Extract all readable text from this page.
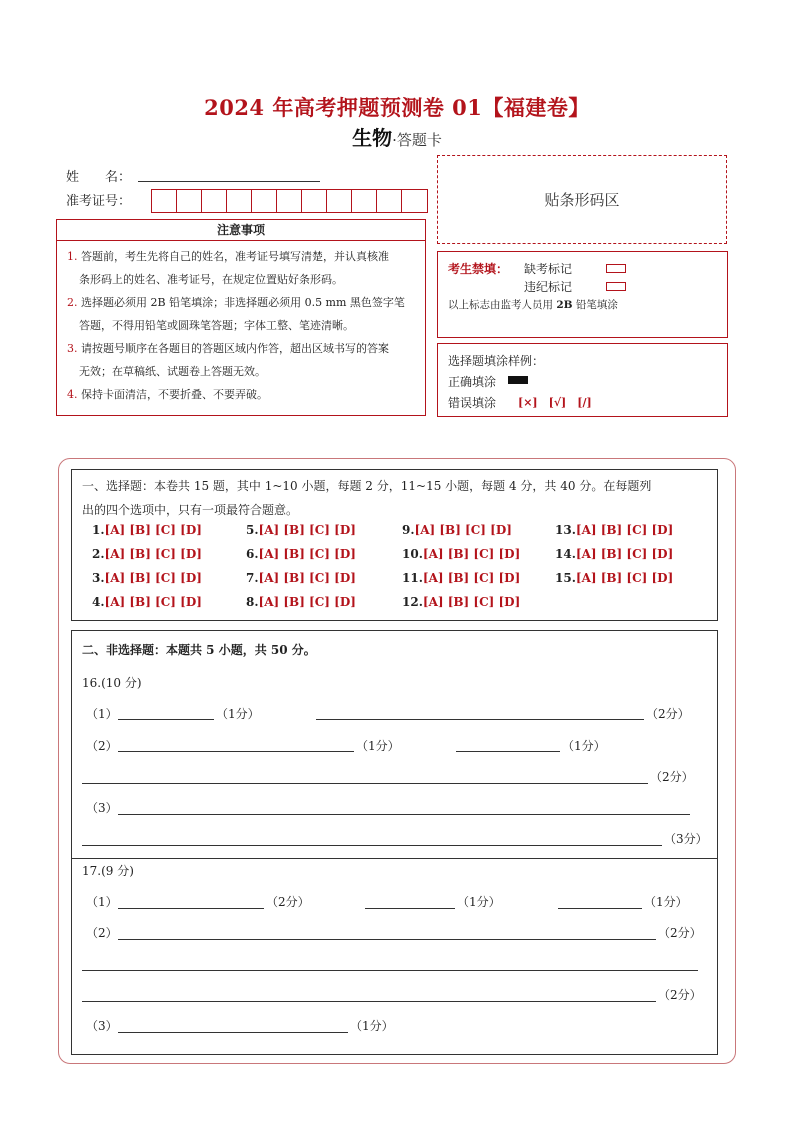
2024 年高考押题预测卷 01【福建卷】
生物·答题卡
姓　　名：
准考证号：	贴条形码区
注意事项
1. 答题前，考生先将自己的姓名，准考证号填写清楚，并认真核准
条形码上的姓名、准考证号，在规定位置贴好条形码。
2. 选择题必须用 2B 铅笔填涂；非选择题必须用 0.5 mm 黑色签字笔
答题，不得用铅笔或圆珠笔答题；字体工整、笔迹清晰。
3. 请按题号顺序在各题目的答题区域内作答，超出区域书写的答案
无效；在草稿纸、试题卷上答题无效。
4. 保持卡面清洁，不要折叠、不要弄破。
考生禁填： 缺考标记
违纪标记
以上标志由监考人员用 2B 铅笔填涂
选择题填涂样例：
正确填涂
错误填涂 [×]　[√]　[/]
一、选择题：本卷共 15 题，其中 1~10 小题，每题 2 分，11~15 小题，每题 4 分，共 40 分。在每题列
出的四个选项中，只有一项最符合题意。
1.[A] [B] [C] [D]
2.[A] [B] [C] [D]
3.[A] [B] [C] [D]
4.[A] [B] [C] [D]
5.[A] [B] [C] [D]
6.[A] [B] [C] [D]
7.[A] [B] [C] [D]
8.[A] [B] [C] [D]
9.[A] [B] [C] [D]
10.[A] [B] [C] [D]
11.[A] [B] [C] [D]
12.[A] [B] [C] [D]
13.[A] [B] [C] [D]
14.[A] [B] [C] [D]
15.[A] [B] [C] [D]
二、非选择题：本题共 5 小题，共 50 分。
16.(10 分)
（1）	（1分）	（2分）
（2）	（1分）	（1分）
（2分）
（3）
（3分）
17.(9 分)
（1）	（2分）	（1分）	（1分）
（2）	（2分）
（2分）
（3）	（1分）
